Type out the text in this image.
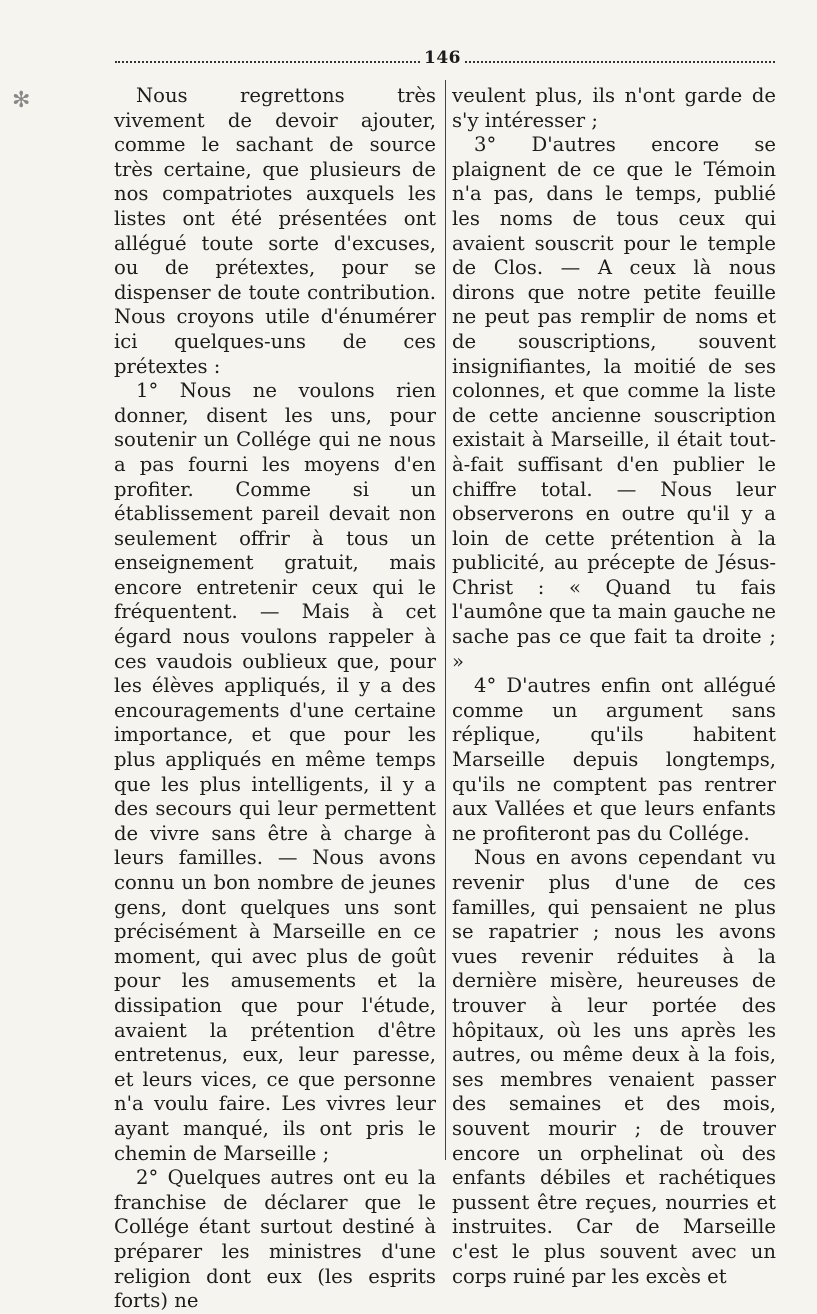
✻
146

Nous regrettons très vivement de devoir ajouter, comme le sachant de source très certaine, que plusieurs de nos compatriotes auxquels les listes ont été présentées ont allégué toute sorte d'excuses, ou de prétextes, pour se dispenser de toute contribution. Nous croyons utile d'énumérer ici quelques-uns de ces prétextes :

1° Nous ne voulons rien donner, disent les uns, pour soutenir un Collége qui ne nous a pas fourni les moyens d'en profiter. Comme si un établissement pareil devait non seulement offrir à tous un enseignement gratuit, mais encore entretenir ceux qui le fréquentent. — Mais à cet égard nous voulons rappeler à ces vaudois oublieux que, pour les élèves appliqués, il y a des encouragements d'une certaine importance, et que pour les plus appliqués en même temps que les plus intelligents, il y a des secours qui leur permettent de vivre sans être à charge à leurs familles. — Nous avons connu un bon nombre de jeunes gens, dont quelques uns sont précisément à Marseille en ce moment, qui avec plus de goût pour les amusements et la dissipation que pour l'étude, avaient la prétention d'être entretenus, eux, leur paresse, et leurs vices, ce que personne n'a voulu faire. Les vivres leur ayant manqué, ils ont pris le chemin de Marseille ;

2° Quelques autres ont eu la franchise de déclarer que le Collége étant surtout destiné à préparer les ministres d'une religion dont eux (les esprits forts) ne

veulent plus, ils n'ont garde de s'y intéresser ;

3° D'autres encore se plaignent de ce que le Témoin n'a pas, dans le temps, publié les noms de tous ceux qui avaient souscrit pour le temple de Clos. — A ceux là nous dirons que notre petite feuille ne peut pas remplir de noms et de souscriptions, souvent insignifiantes, la moitié de ses colonnes, et que comme la liste de cette ancienne souscription existait à Marseille, il était tout-à-fait suffisant d'en publier le chiffre total. — Nous leur observerons en outre qu'il y a loin de cette prétention à la publicité, au précepte de Jésus-Christ : « Quand tu fais l'aumône que ta main gauche ne sache pas ce que fait ta droite ; »

4° D'autres enfin ont allégué comme un argument sans réplique, qu'ils habitent Marseille depuis longtemps, qu'ils ne comptent pas rentrer aux Vallées et que leurs enfants ne profiteront pas du Collége.

Nous en avons cependant vu revenir plus d'une de ces familles, qui pensaient ne plus se rapatrier ; nous les avons vues revenir réduites à la dernière misère, heureuses de trouver à leur portée des hôpitaux, où les uns après les autres, ou même deux à la fois, ses membres venaient passer des semaines et des mois, souvent mourir ; de trouver encore un orphelinat où des enfants débiles et rachétiques pussent être reçues, nourries et instruites. Car de Marseille c'est le plus souvent avec un corps ruiné par les excès et
